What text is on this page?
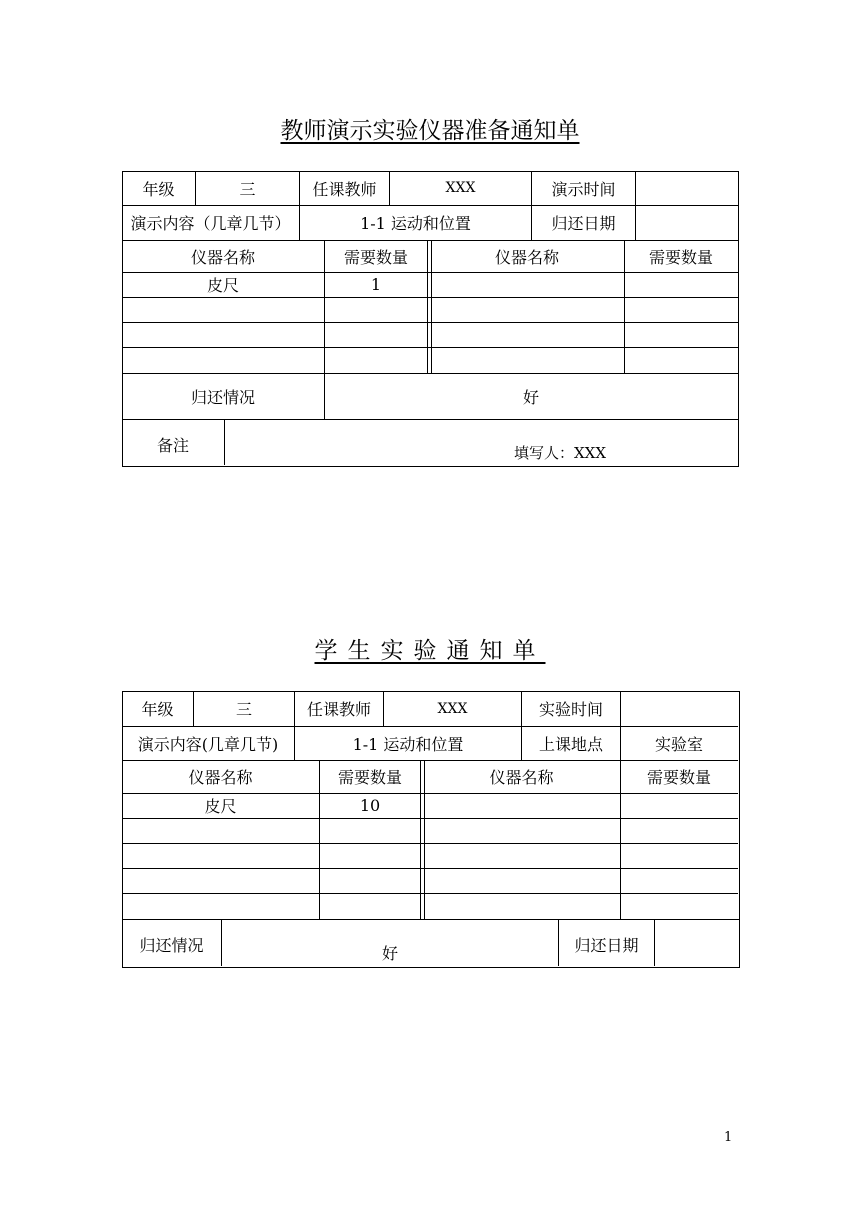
教师演示实验仪器准备通知单
年级	三	任课教师	XXX	演示时间
演示内容（几章几节）	1-1 运动和位置	归还日期
仪器名称	需要数量	仪器名称	需要数量
皮尺	1
归还情况	好
备注	填写人：XXX
学生实验通知单
年级	三	任课教师	XXX	实验时间
演示内容(几章几节)	1-1 运动和位置	上课地点	实验室
仪器名称	需要数量	仪器名称	需要数量
皮尺	10
归还情况	好	归还日期
1
